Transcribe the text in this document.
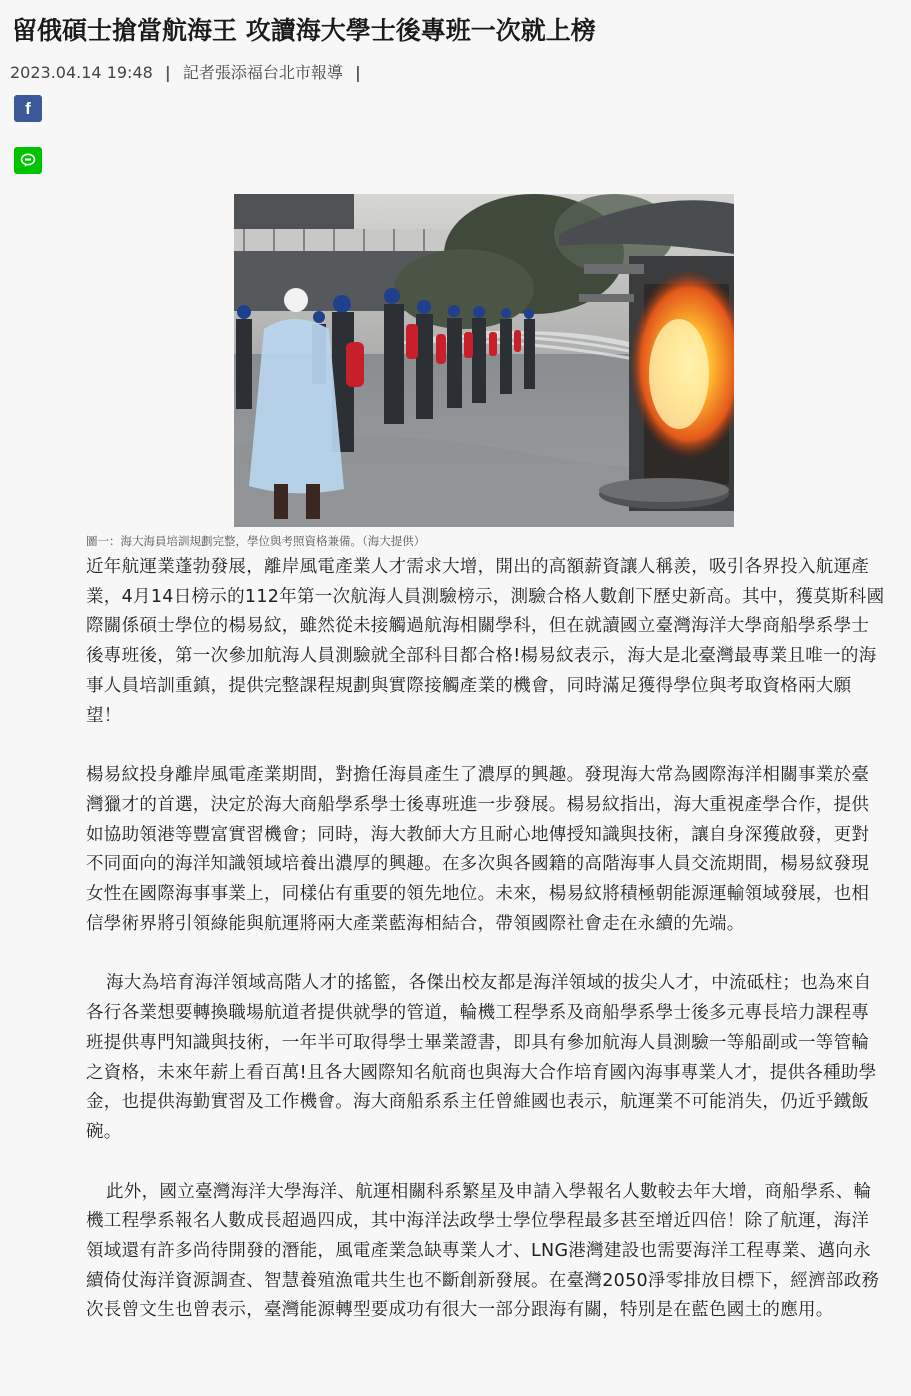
留俄碩士搶當航海王 攻讀海大學士後專班一次就上榜
2023.04.14 19:48 | 記者張添福台北市報導 |
f
圖一：海大海員培訓規劃完整，學位與考照資格兼備。（海大提供）

近年航運業蓬勃發展，離岸風電產業人才需求大增，開出的高額薪資讓人稱羨，吸引各界投入航運產業，4月14日榜示的112年第一次航海人員測驗榜示，測驗合格人數創下歷史新高。其中，獲莫斯科國際關係碩士學位的楊易紋，雖然從未接觸過航海相關學科，但在就讀國立臺灣海洋大學商船學系學士後專班後，第一次參加航海人員測驗就全部科目都合格!楊易紋表示，海大是北臺灣最專業且唯一的海事人員培訓重鎮，提供完整課程規劃與實際接觸產業的機會，同時滿足獲得學位與考取資格兩大願望！

楊易紋投身離岸風電產業期間，對擔任海員產生了濃厚的興趣。發現海大常為國際海洋相關事業於臺灣獵才的首選，決定於海大商船學系學士後專班進一步發展。楊易紋指出，海大重視產學合作，提供如協助領港等豐富實習機會；同時，海大教師大方且耐心地傳授知識與技術，讓自身深獲啟發，更對不同面向的海洋知識領域培養出濃厚的興趣。在多次與各國籍的高階海事人員交流期間，楊易紋發現女性在國際海事事業上，同樣佔有重要的領先地位。未來，楊易紋將積極朝能源運輸領域發展，也相信學術界將引領綠能與航運將兩大產業藍海相結合，帶領國際社會走在永續的先端。

海大為培育海洋領域高階人才的搖籃，各傑出校友都是海洋領域的拔尖人才，中流砥柱；也為來自各行各業想要轉換職場航道者提供就學的管道，輪機工程學系及商船學系學士後多元專長培力課程專班提供專門知識與技術，一年半可取得學士畢業證書，即具有參加航海人員測驗一等船副或一等管輪之資格，未來年薪上看百萬!且各大國際知名航商也與海大合作培育國內海事專業人才，提供各種助學金，也提供海勤實習及工作機會。海大商船系系主任曾維國也表示，航運業不可能消失，仍近乎鐵飯碗。

此外，國立臺灣海洋大學海洋、航運相關科系繁星及申請入學報名人數較去年大增，商船學系、輪機工程學系報名人數成長超過四成，其中海洋法政學士學位學程最多甚至增近四倍！除了航運，海洋領域還有許多尚待開發的潛能，風電產業急缺專業人才、LNG港灣建設也需要海洋工程專業、邁向永續倚仗海洋資源調查、智慧養殖漁電共生也不斷創新發展。在臺灣2050淨零排放目標下，經濟部政務次長曾文生也曾表示，臺灣能源轉型要成功有很大一部分跟海有關，特別是在藍色國土的應用。
